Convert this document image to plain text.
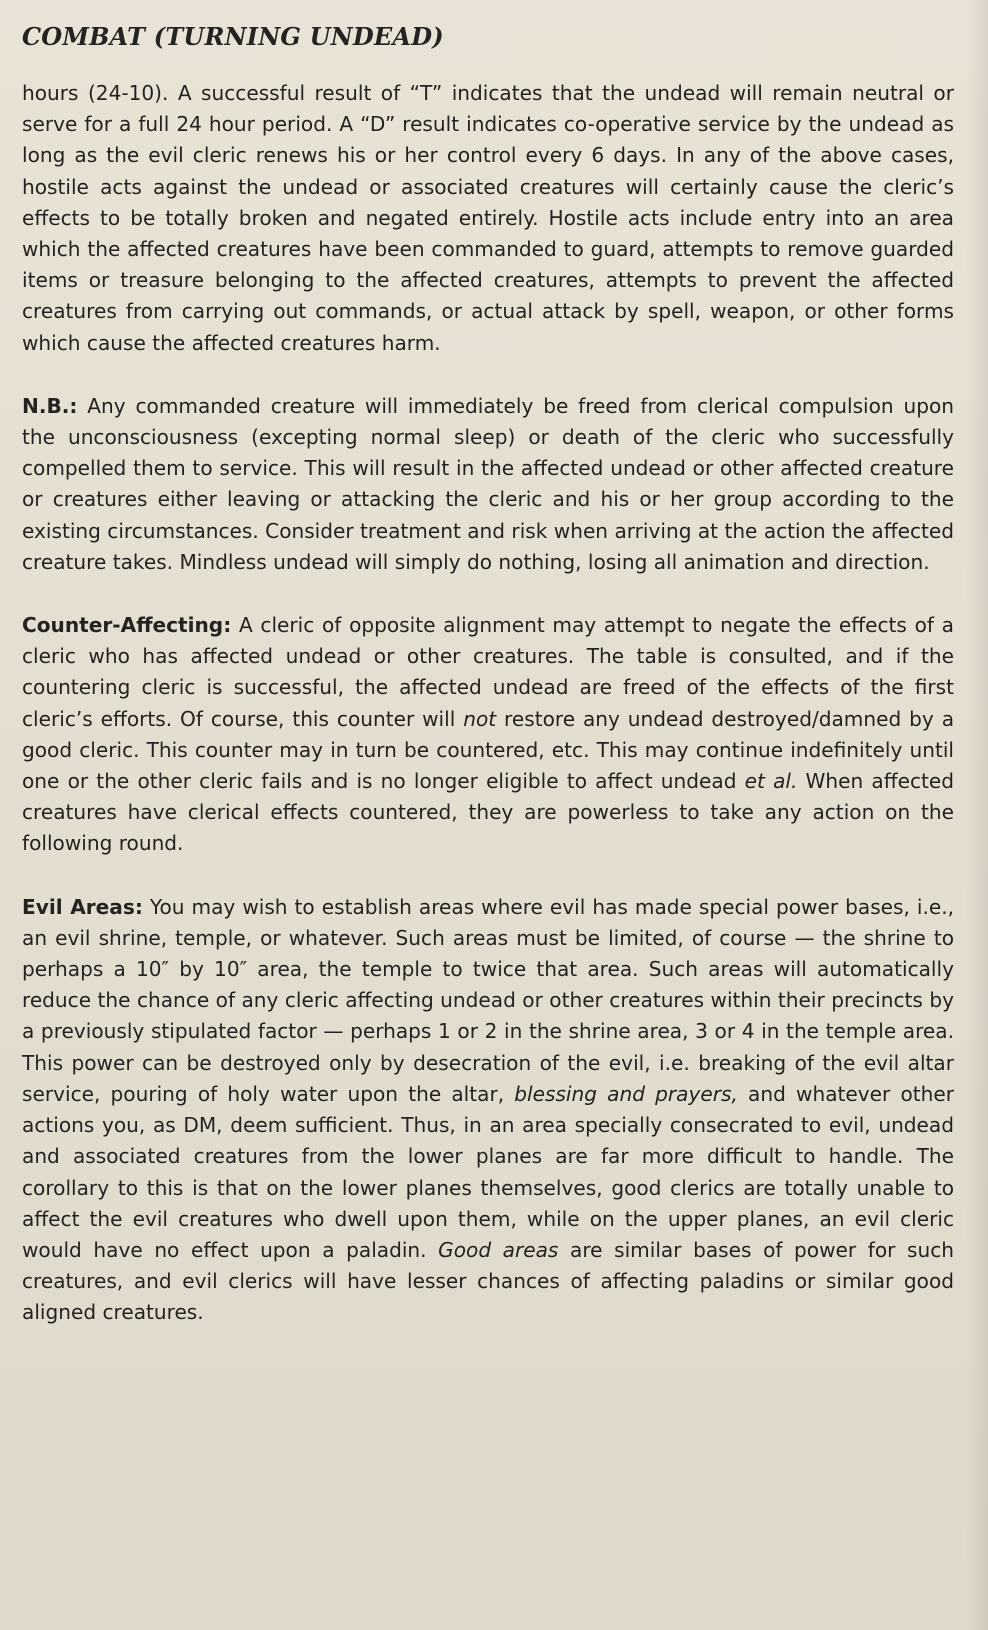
COMBAT (TURNING UNDEAD)

hours (24-10). A successful result of “T” indicates that the undead will remain neutral or serve for a full 24 hour period. A “D” result indicates co-operative service by the undead as long as the evil cleric renews his or her control every 6 days. In any of the above cases, hostile acts against the undead or associated creatures will certainly cause the cleric’s effects to be totally broken and negated entirely. Hostile acts include entry into an area which the affected creatures have been commanded to guard, attempts to remove guarded items or treasure belonging to the affected creatures, attempts to prevent the affected creatures from carrying out commands, or actual attack by spell, weapon, or other forms which cause the affected creatures harm.

N.B.: Any commanded creature will immediately be freed from clerical compulsion upon the unconsciousness (excepting normal sleep) or death of the cleric who successfully compelled them to service. This will result in the affected undead or other affected creature or creatures either leaving or attacking the cleric and his or her group according to the existing circumstances. Consider treatment and risk when arriving at the action the affected creature takes. Mindless undead will simply do nothing, losing all animation and direction.

Counter-Affecting: A cleric of opposite alignment may attempt to negate the effects of a cleric who has affected undead or other creatures. The table is consulted, and if the countering cleric is successful, the affected undead are freed of the effects of the first cleric’s efforts. Of course, this counter will not restore any undead destroyed/damned by a good cleric. This counter may in turn be countered, etc. This may continue indefinitely until one or the other cleric fails and is no longer eligible to affect undead et al. When affected creatures have clerical effects countered, they are powerless to take any action on the following round.

Evil Areas: You may wish to establish areas where evil has made special power bases, i.e., an evil shrine, temple, or whatever. Such areas must be limited, of course — the shrine to perhaps a 10″ by 10″ area, the temple to twice that area. Such areas will automatically reduce the chance of any cleric affecting undead or other creatures within their precincts by a previously stipulated factor — perhaps 1 or 2 in the shrine area, 3 or 4 in the temple area. This power can be destroyed only by desecration of the evil, i.e. breaking of the evil altar service, pouring of holy water upon the altar, blessing and prayers, and whatever other actions you, as DM, deem sufficient. Thus, in an area specially consecrated to evil, undead and associated creatures from the lower planes are far more difficult to handle. The corollary to this is that on the lower planes themselves, good clerics are totally unable to affect the evil creatures who dwell upon them, while on the upper planes, an evil cleric would have no effect upon a paladin. Good areas are similar bases of power for such creatures, and evil clerics will have lesser chances of affecting paladins or similar good aligned creatures.
